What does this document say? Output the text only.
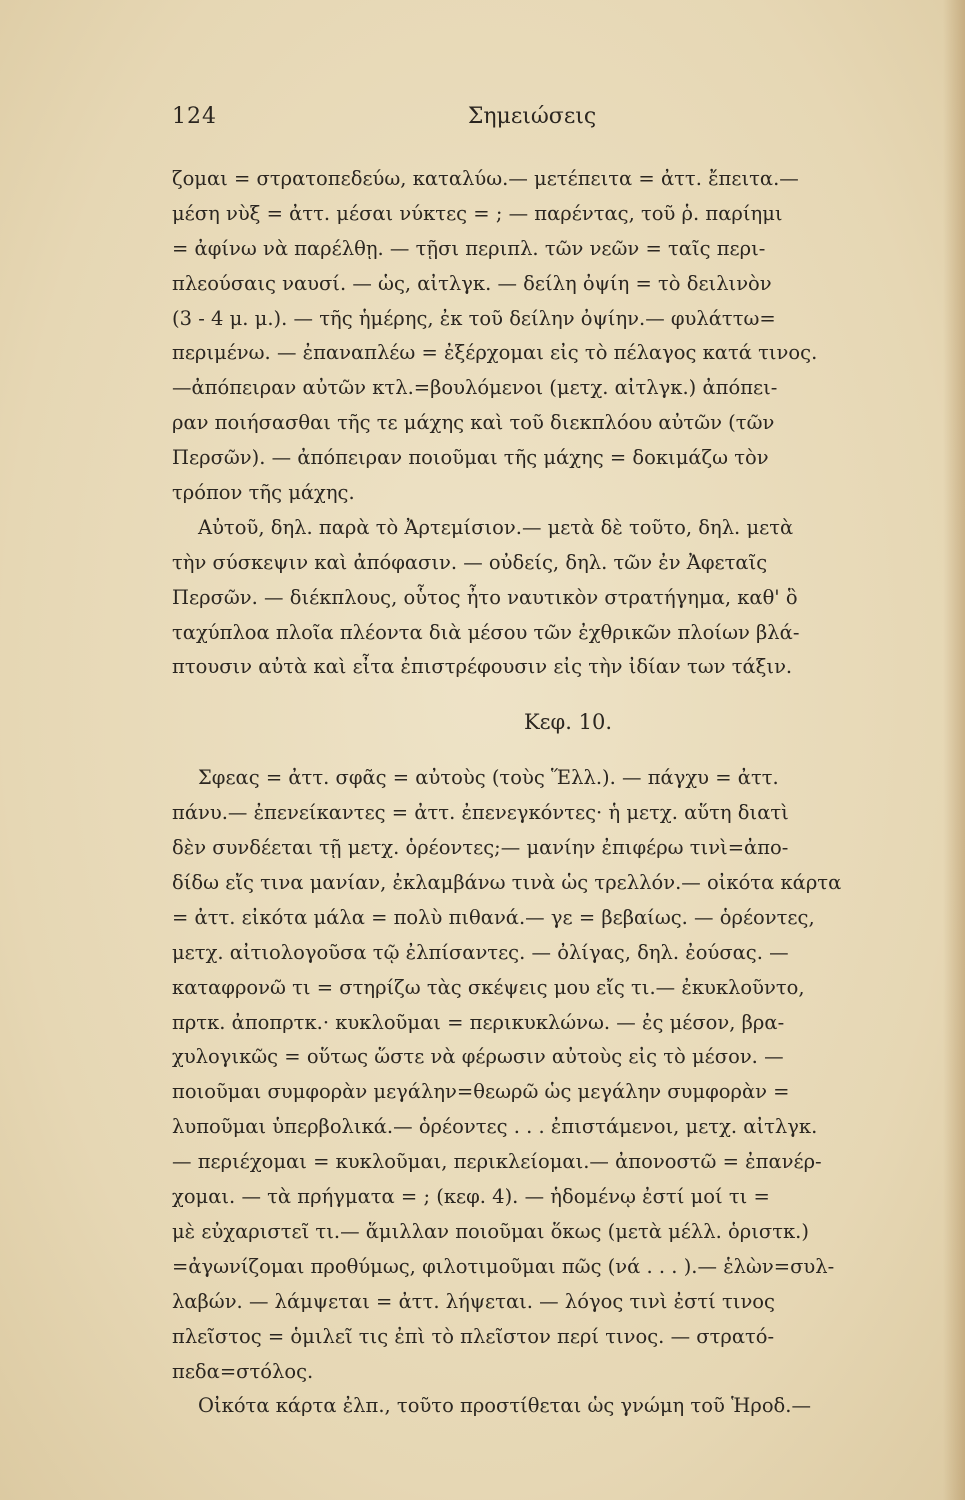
124	Σημειώσεις
ζομαι = στρατοπεδεύω, καταλύω.— μετέπειτα = ἀττ. ἔπειτα.—
μέση νὺξ = ἀττ. μέσαι νύκτες = ; — παρέντας, τοῦ ῥ. παρίημι
= ἀφίνω νὰ παρέλθῃ. — τῇσι περιπλ. τῶν νεῶν = ταῖς περι-
πλεούσαις ναυσί. — ὡς, αἰτλγκ. — δείλη ὀψίη = τὸ δειλινὸν
(3 - 4 μ. μ.). — τῆς ἡμέρης, ἐκ τοῦ δείλην ὀψίην.— φυλάττω=
περιμένω. — ἐπαναπλέω = ἐξέρχομαι εἰς τὸ πέλαγος κατά τινος.
—ἀπόπειραν αὐτῶν κτλ.=βουλόμενοι (μετχ. αἰτλγκ.) ἀπόπει-
ραν ποιήσασθαι τῆς τε μάχης καὶ τοῦ διεκπλόου αὐτῶν (τῶν
Περσῶν). — ἀπόπειραν ποιοῦμαι τῆς μάχης = δοκιμάζω τὸν
τρόπον τῆς μάχης.
Αὐτοῦ, δηλ. παρὰ τὸ Ἀρτεμίσιον.— μετὰ δὲ τοῦτο, δηλ. μετὰ
τὴν σύσκεψιν καὶ ἀπόφασιν. — οὐδείς, δηλ. τῶν ἐν Ἀφεταῖς
Περσῶν. — διέκπλους, οὗτος ἦτο ναυτικὸν στρατήγημα, καθ' ὃ
ταχύπλοα πλοῖα πλέοντα διὰ μέσου τῶν ἐχθρικῶν πλοίων βλά-
πτουσιν αὐτὰ καὶ εἶτα ἐπιστρέφουσιν εἰς τὴν ἰδίαν των τάξιν.
Κεφ. 10.
Σφεας = ἀττ. σφᾶς = αὐτοὺς (τοὺς Ἕλλ.). — πάγχυ = ἀττ.
πάνυ.— ἐπενείκαντες = ἀττ. ἐπενεγκόντες· ἡ μετχ. αὕτη διατὶ
δὲν συνδέεται τῇ μετχ. ὁρέοντες;— μανίην ἐπιφέρω τινὶ=ἀπο-
δίδω εἴς τινα μανίαν, ἐκλαμβάνω τινὰ ὡς τρελλόν.— οἰκότα κάρτα
= ἀττ. εἰκότα μάλα = πολὺ πιθανά.— γε = βεβαίως. — ὁρέοντες,
μετχ. αἰτιολογοῦσα τῷ ἐλπίσαντες. — ὀλίγας, δηλ. ἐούσας. —
καταφρονῶ τι = στηρίζω τὰς σκέψεις μου εἴς τι.— ἐκυκλοῦντο,
πρτκ. ἀποπρτκ.· κυκλοῦμαι = περικυκλώνω. — ἐς μέσον, βρα-
χυλογικῶς = οὕτως ὥστε νὰ φέρωσιν αὐτοὺς εἰς τὸ μέσον. —
ποιοῦμαι συμφορὰν μεγάλην=θεωρῶ ὡς μεγάλην συμφορὰν =
λυποῦμαι ὑπερβολικά.— ὁρέοντες . . . ἐπιστάμενοι, μετχ. αἰτλγκ.
— περιέχομαι = κυκλοῦμαι, περικλείομαι.— ἀπονοστῶ = ἐπανέρ-
χομαι. — τὰ πρήγματα = ; (κεφ. 4). — ἡδομένῳ ἐστί μοί τι =
μὲ εὐχαριστεῖ τι.— ἅμιλλαν ποιοῦμαι ὅκως (μετὰ μέλλ. ὁριστκ.)
=ἀγωνίζομαι προθύμως, φιλοτιμοῦμαι πῶς (νά . . . ).— ἑλὼν=συλ-
λαβών. — λάμψεται = ἀττ. λήψεται. — λόγος τινὶ ἐστί τινος
πλεῖστος = ὁμιλεῖ τις ἐπὶ τὸ πλεῖστον περί τινος. — στρατό-
πεδα=στόλος.
Οἰκότα κάρτα ἐλπ., τοῦτο προστίθεται ὡς γνώμη τοῦ Ἡροδ.—
